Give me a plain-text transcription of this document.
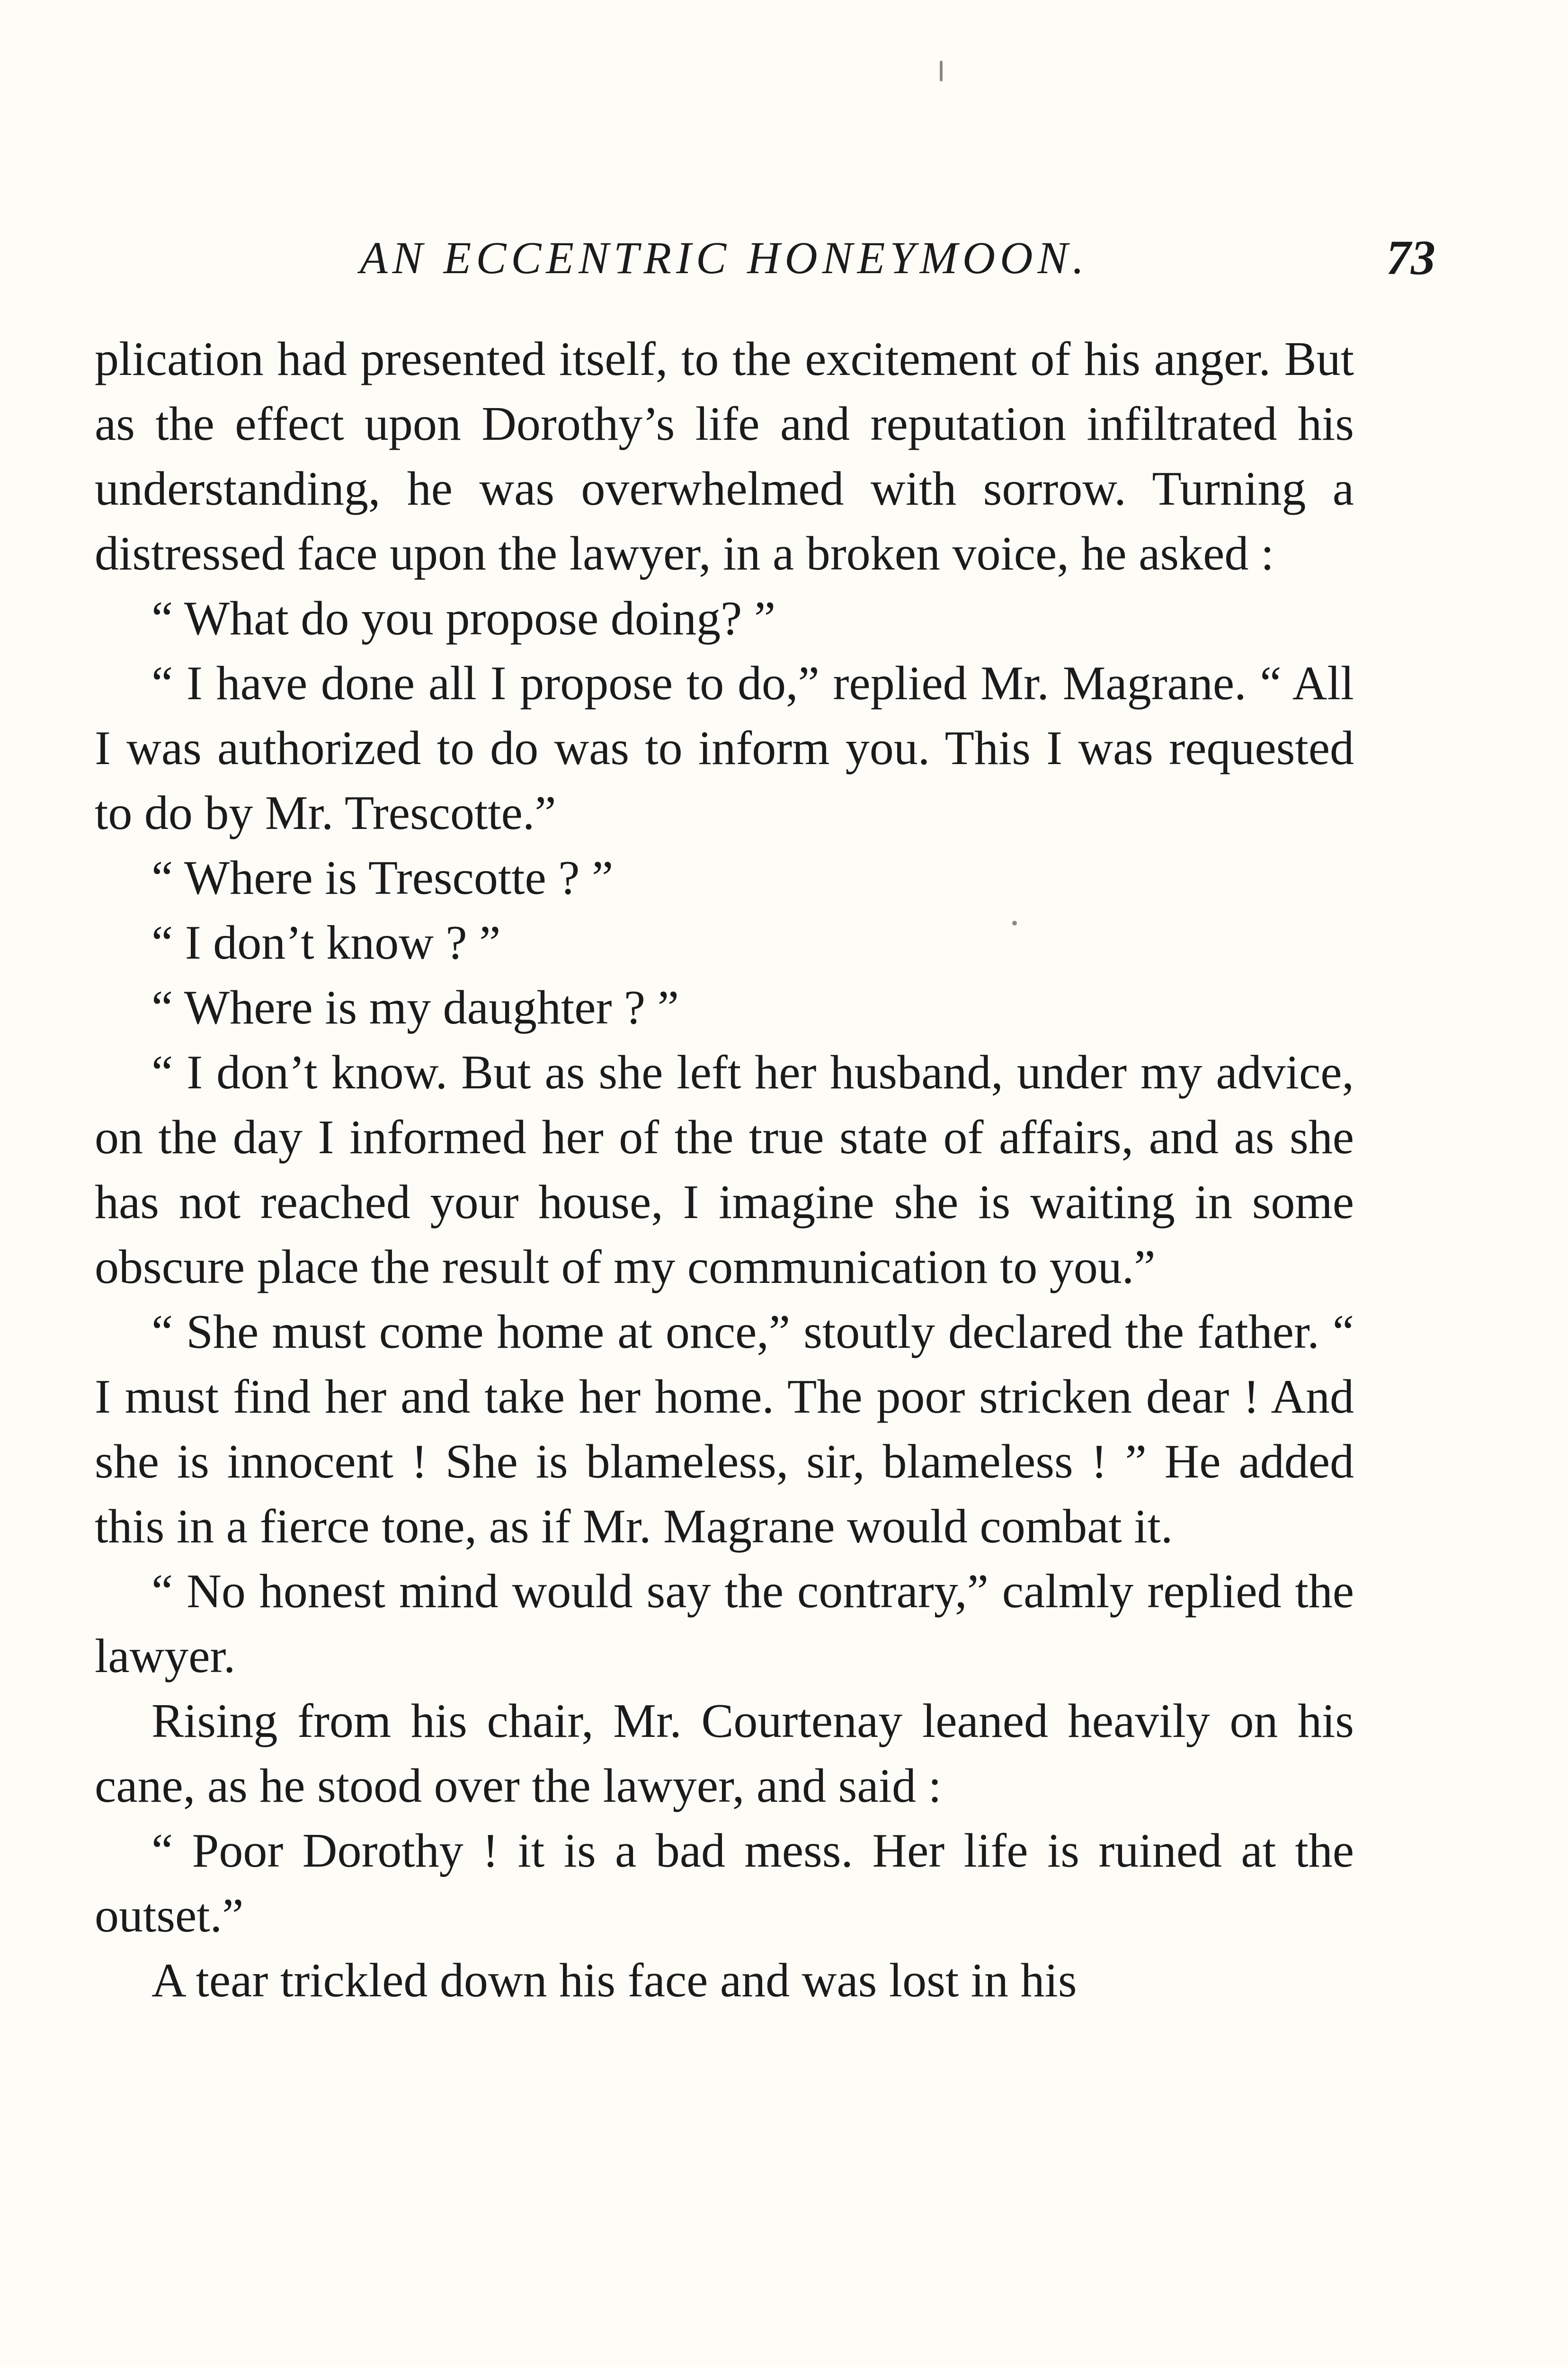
AN ECCENTRIC HONEYMOON.	73

plication had presented itself, to the excitement of his anger. But as the effect upon Dorothy’s life and reputation infiltrated his understanding, he was overwhelmed with sorrow. Turning a distressed face upon the lawyer, in a broken voice, he asked :

“ What do you propose doing? ”

“ I have done all I propose to do,” replied Mr. Magrane. “ All I was authorized to do was to inform you. This I was requested to do by Mr. Trescotte.”

“ Where is Trescotte ? ”

“ I don’t know ? ”

“ Where is my daughter ? ”

“ I don’t know. But as she left her husband, under my advice, on the day I informed her of the true state of affairs, and as she has not reached your house, I imagine she is waiting in some obscure place the result of my communication to you.”

“ She must come home at once,” stoutly declared the father. “ I must find her and take her home. The poor stricken dear ! And she is innocent ! She is blameless, sir, blameless ! ” He added this in a fierce tone, as if Mr. Magrane would combat it.

“ No honest mind would say the contrary,” calmly replied the lawyer.

Rising from his chair, Mr. Courtenay leaned heavily on his cane, as he stood over the lawyer, and said :

“ Poor Dorothy ! it is a bad mess. Her life is ruined at the outset.”

A tear trickled down his face and was lost in his
